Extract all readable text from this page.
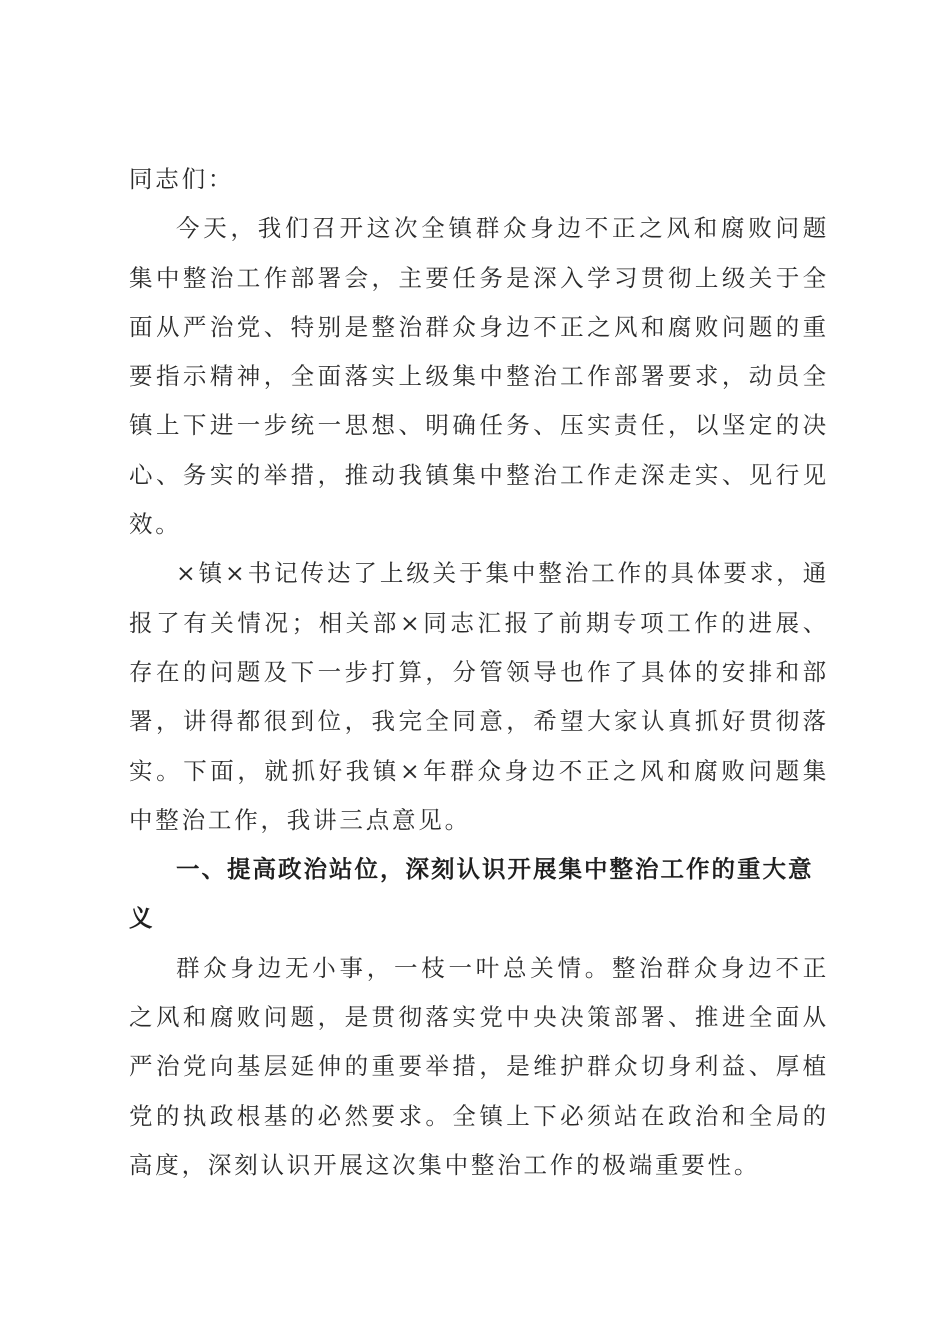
同志们：

今天，我们召开这次全镇群众身边不正之风和腐败问题集中整治工作部署会，主要任务是深入学习贯彻上级关于全面从严治党、特别是整治群众身边不正之风和腐败问题的重要指示精神，全面落实上级集中整治工作部署要求，动员全镇上下进一步统一思想、明确任务、压实责任，以坚定的决心、务实的举措，推动我镇集中整治工作走深走实、见行见效。

×镇×书记传达了上级关于集中整治工作的具体要求，通报了有关情况；相关部×同志汇报了前期专项工作的进展、存在的问题及下一步打算，分管领导也作了具体的安排和部署，讲得都很到位，我完全同意，希望大家认真抓好贯彻落实。下面，就抓好我镇×年群众身边不正之风和腐败问题集中整治工作，我讲三点意见。

一、提高政治站位，深刻认识开展集中整治工作的重大意义

群众身边无小事，一枝一叶总关情。整治群众身边不正之风和腐败问题，是贯彻落实党中央决策部署、推进全面从严治党向基层延伸的重要举措，是维护群众切身利益、厚植党的执政根基的必然要求。全镇上下必须站在政治和全局的高度，深刻认识开展这次集中整治工作的极端重要性。
